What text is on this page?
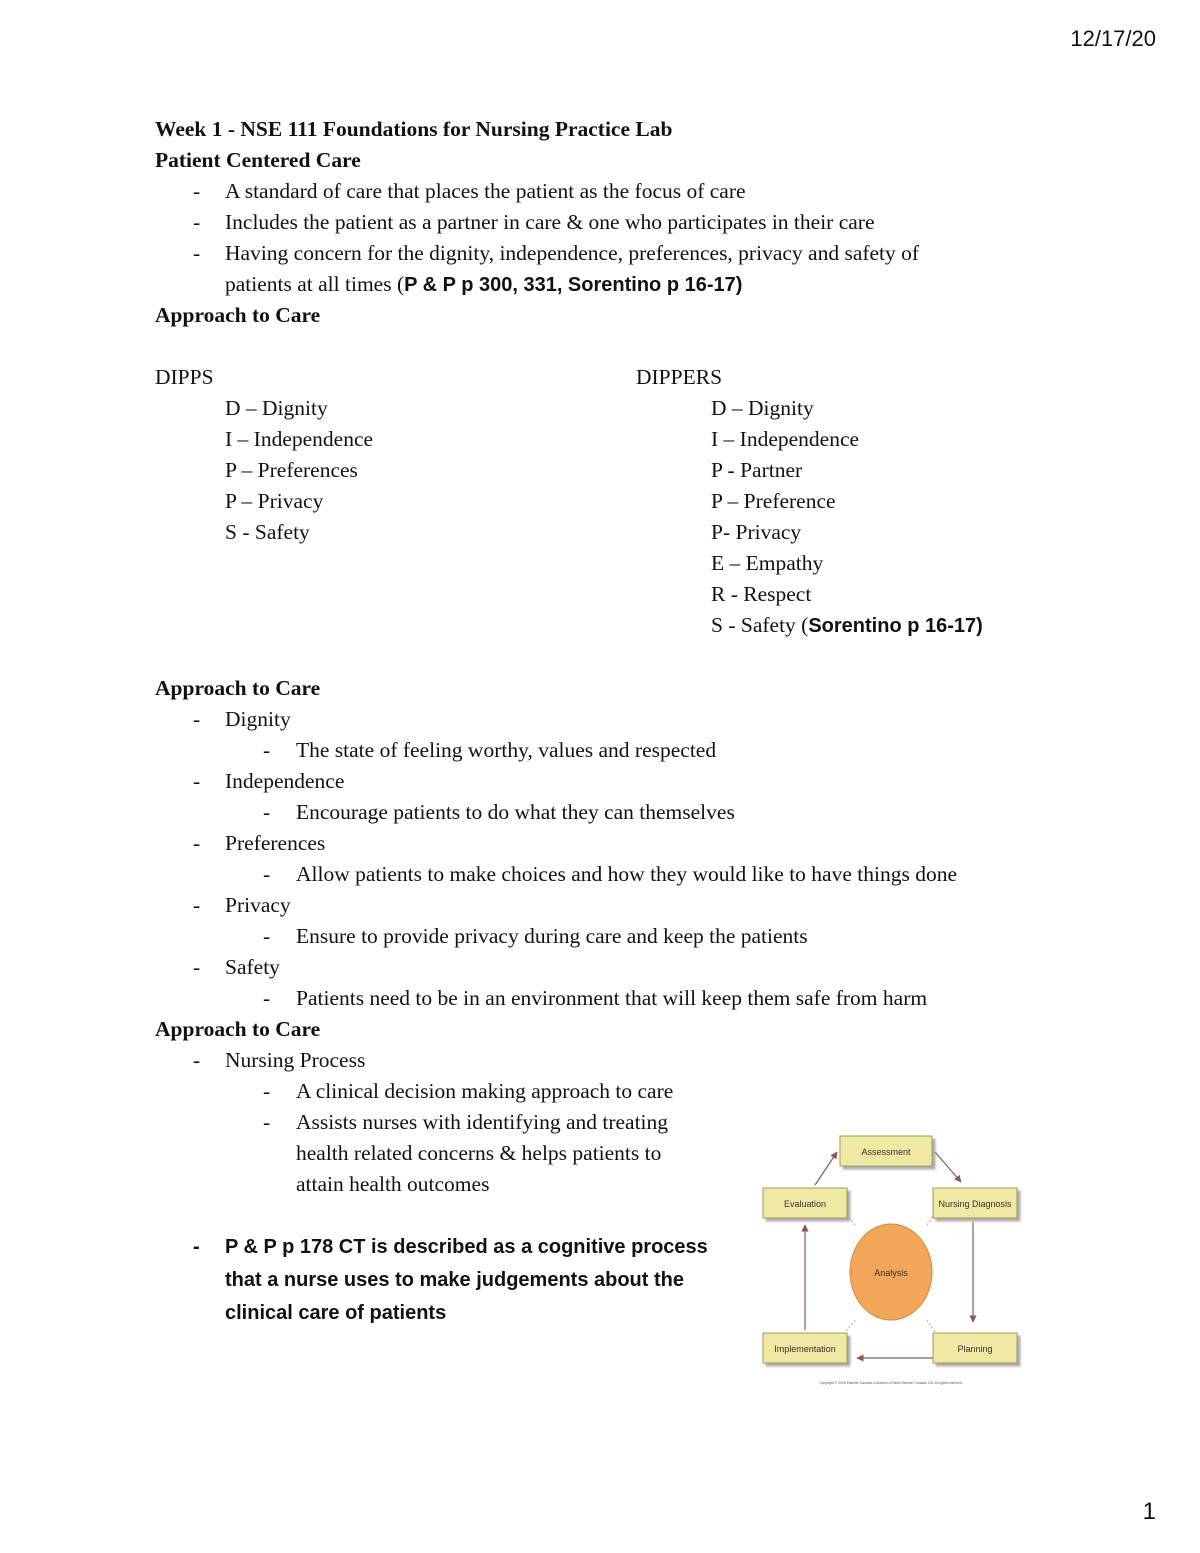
12/17/20
Week 1 - NSE 111 Foundations for Nursing Practice Lab
Patient Centered Care
- A standard of care that places the patient as the focus of care
- Includes the patient as a partner in care & one who participates in their care
- Having concern for the dignity, independence, preferences, privacy and safety of
patients at all times (P & P p 300, 331, Sorentino p 16-17)
Approach to Care
DIPPS
D – Dignity
I – Independence
P – Preferences
P – Privacy
S - Safety
DIPPERS
D – Dignity
I – Independence
P - Partner
P – Preference
P- Privacy
E – Empathy
R - Respect
S - Safety (Sorentino p 16-17)
Approach to Care
- Dignity
- The state of feeling worthy, values and respected
- Independence
- Encourage patients to do what they can themselves
- Preferences
- Allow patients to make choices and how they would like to have things done
- Privacy
- Ensure to provide privacy during care and keep the patients
- Safety
- Patients need to be in an environment that will keep them safe from harm
Approach to Care
- Nursing Process
- A clinical decision making approach to care
- Assists nurses with identifying and treating
health related concerns & helps patients to
attain health outcomes
- P & P p 178 CT is described as a cognitive process
that a nurse uses to make judgements about the
clinical care of patients
Analysis
Assessment
Nursing Diagnosis
Evaluation
Implementation	Planning
Copyright © 2016 Elsevier Canada, a division of Reed Elsevier Canada, Ltd. All rights reserved.
1
